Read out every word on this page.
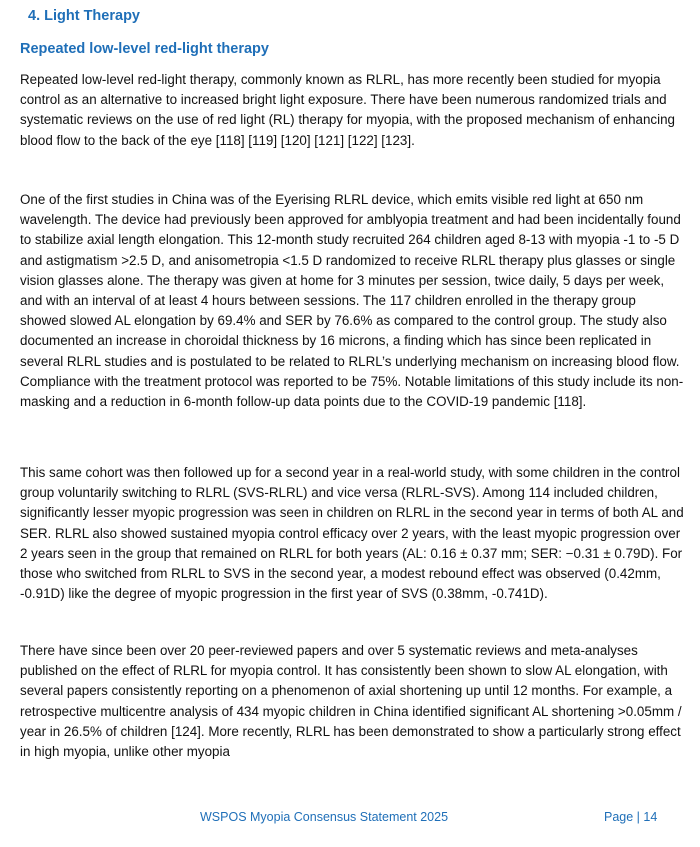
4. Light Therapy
Repeated low-level red-light therapy

Repeated low-level red-light therapy, commonly known as RLRL, has more recently been studied for myopia control as an alternative to increased bright light exposure. There have been numerous randomized trials and systematic reviews on the use of red light (RL) therapy for myopia, with the proposed mechanism of enhancing blood flow to the back of the eye [118] [119] [120] [121] [122] [123].

One of the first studies in China was of the Eyerising RLRL device, which emits visible red light at 650 nm wavelength. The device had previously been approved for amblyopia treatment and had been incidentally found to stabilize axial length elongation. This 12-month study recruited 264 children aged 8-13 with myopia -1 to -5 D and astigmatism >2.5 D, and anisometropia <1.5 D randomized to receive RLRL therapy plus glasses or single vision glasses alone. The therapy was given at home for 3 minutes per session, twice daily, 5 days per week, and with an interval of at least 4 hours between sessions. The 117 children enrolled in the therapy group showed slowed AL elongation by 69.4% and SER by 76.6% as compared to the control group. The study also documented an increase in choroidal thickness by 16 microns, a finding which has since been replicated in several RLRL studies and is postulated to be related to RLRL’s underlying mechanism on increasing blood flow. Compliance with the treatment protocol was reported to be 75%. Notable limitations of this study include its non-masking and a reduction in 6-month follow-up data points due to the COVID-19 pandemic [118].

This same cohort was then followed up for a second year in a real-world study, with some children in the control group voluntarily switching to RLRL (SVS-RLRL) and vice versa (RLRL-SVS). Among 114 included children, significantly lesser myopic progression was seen in children on RLRL in the second year in terms of both AL and SER. RLRL also showed sustained myopia control efficacy over 2 years, with the least myopic progression over 2 years seen in the group that remained on RLRL for both years (AL: 0.16 ± 0.37 mm; SER: −0.31 ± 0.79D). For those who switched from RLRL to SVS in the second year, a modest rebound effect was observed (0.42mm, -0.91D) like the degree of myopic progression in the first year of SVS (0.38mm, -0.741D).

There have since been over 20 peer-reviewed papers and over 5 systematic reviews and meta-analyses published on the effect of RLRL for myopia control. It has consistently been shown to slow AL elongation, with several papers consistently reporting on a phenomenon of axial shortening up until 12 months. For example, a retrospective multicentre analysis of 434 myopic children in China identified significant AL shortening >0.05mm / year in 26.5% of children [124]. More recently, RLRL has been demonstrated to show a particularly strong effect in high myopia, unlike other myopia

WSPOS Myopia Consensus Statement 2025	Page | 14
